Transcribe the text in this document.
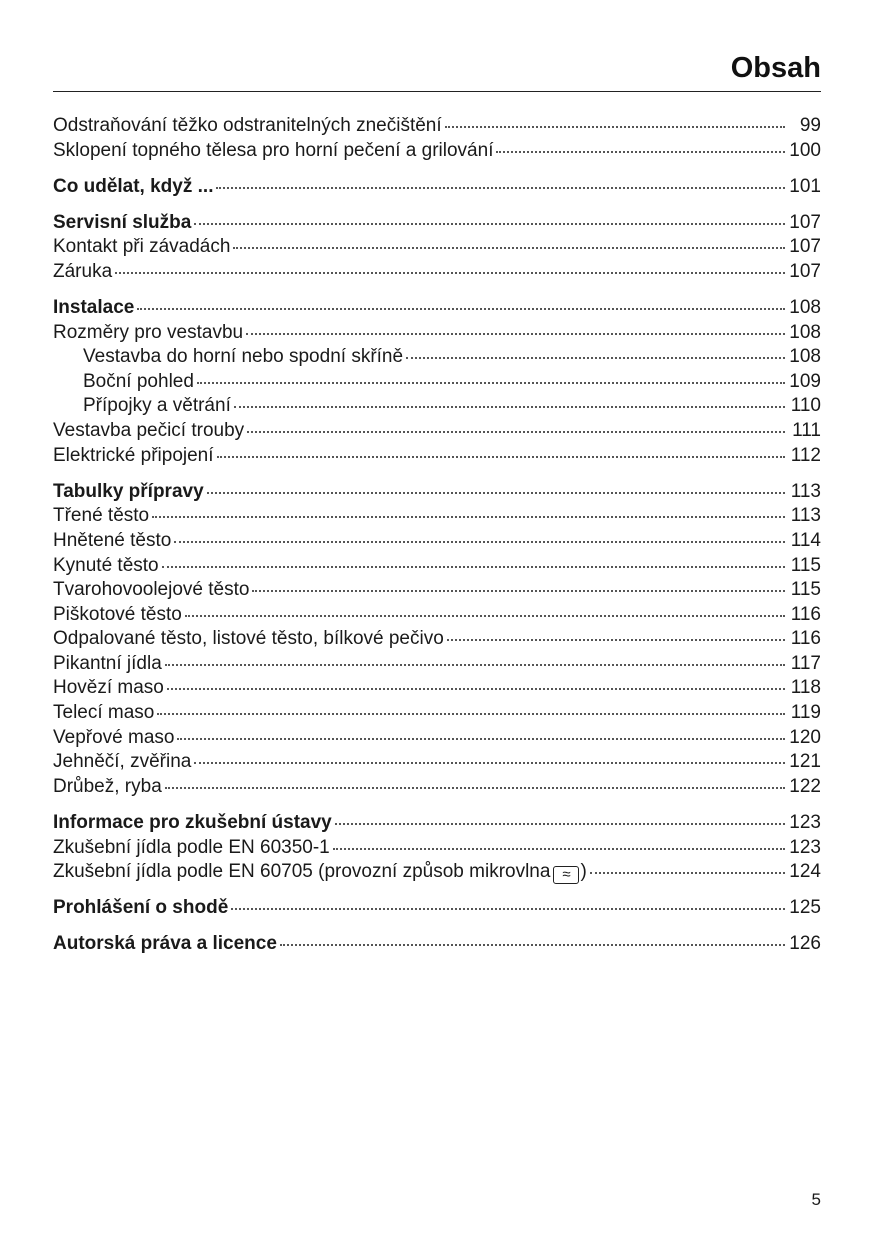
Obsah
Odstraňování těžko odstranitelných znečištění	99
Sklopení topného tělesa pro horní pečení a grilování	100
Co udělat, když ...	101
Servisní služba	107
Kontakt při závadách	107
Záruka	107
Instalace	108
Rozměry pro vestavbu	108
Vestavba do horní nebo spodní skříně	108
Boční pohled	109
Přípojky a větrání	110
Vestavba pečicí trouby	111
Elektrické připojení	112
Tabulky přípravy	113
Třené těsto	113
Hnětené těsto	114
Kynuté těsto	115
Tvarohovoolejové těsto	115
Piškotové těsto	116
Odpalované těsto, listové těsto, bílkové pečivo	116
Pikantní jídla	117
Hovězí maso	118
Telecí maso	119
Vepřové maso	120
Jehněčí, zvěřina	121
Drůbež, ryba	122
Informace pro zkušební ústavy	123
Zkušební jídla podle EN 60350-1	123
Zkušební jídla podle EN 60705 (provozní způsob mikrovlna ≈ )	124
Prohlášení o shodě	125
Autorská práva a licence	126
5
